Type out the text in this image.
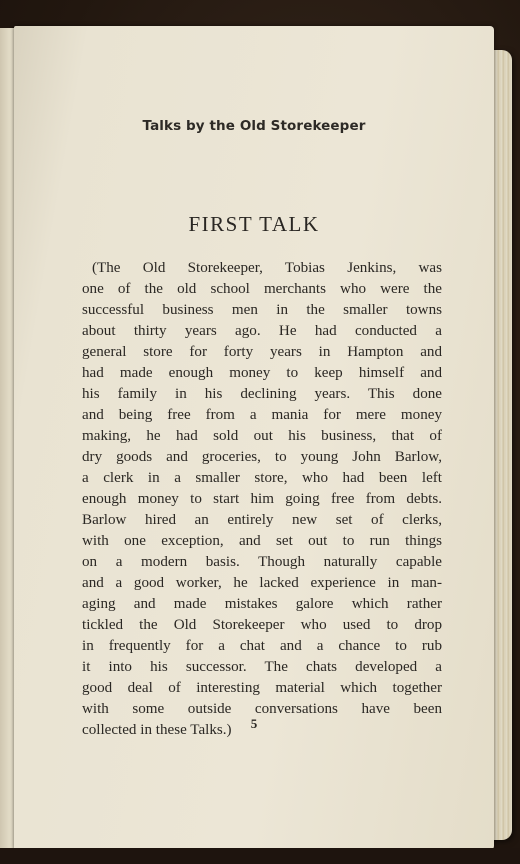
Talks by the Old Storekeeper
FIRST TALK
(The Old Storekeeper, Tobias Jenkins, was
one of the old school merchants who were the
successful business men in the smaller towns
about thirty years ago. He had conducted a
general store for forty years in Hampton and
had made enough money to keep himself and
his family in his declining years. This done
and being free from a mania for mere money
making, he had sold out his business, that of
dry goods and groceries, to young John Barlow,
a clerk in a smaller store, who had been left
enough money to start him going free from debts.
Barlow hired an entirely new set of clerks,
with one exception, and set out to run things
on a modern basis. Though naturally capable
and a good worker, he lacked experience in man-
aging and made mistakes galore which rather
tickled the Old Storekeeper who used to drop
in frequently for a chat and a chance to rub
it into his successor. The chats developed a
good deal of interesting material which together
with some outside conversations have been
collected in these Talks.)	5
